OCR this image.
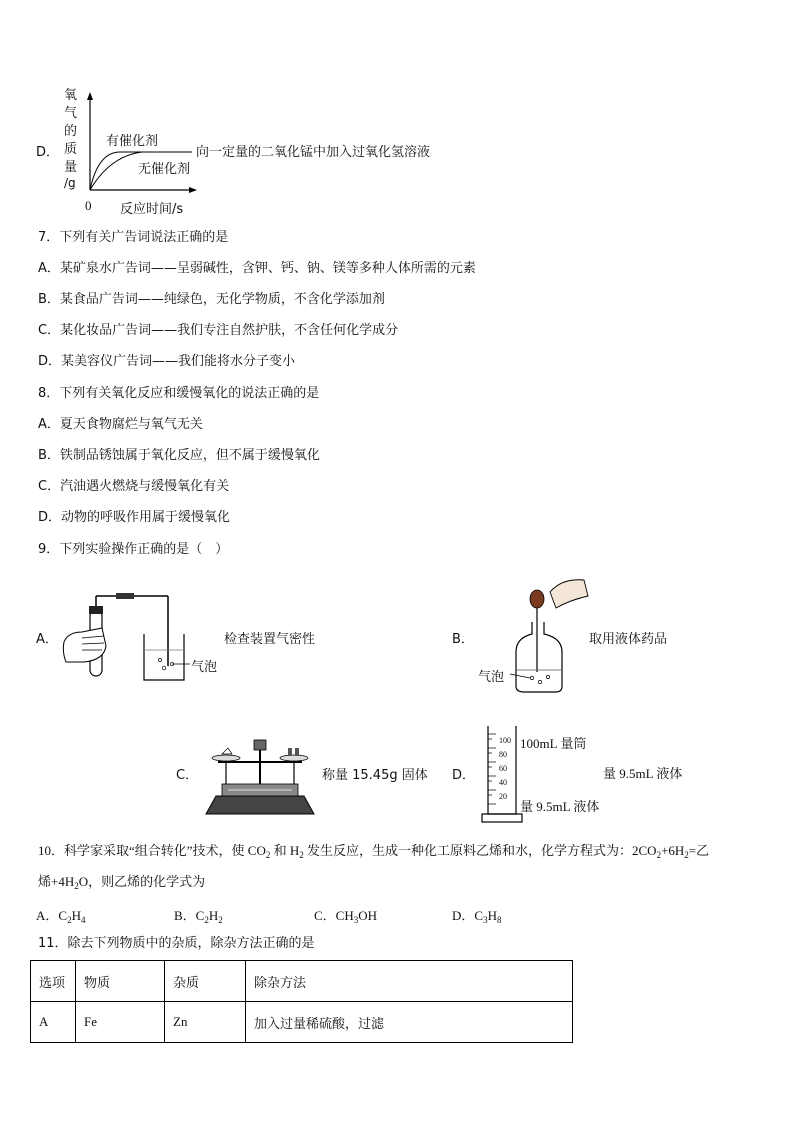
D．
氧
气
的
质
量
/g
有催化剂
无催化剂
0 反应时间/s
向一定量的二氧化锰中加入过氧化氢溶液
7．下列有关广告词说法正确的是
A．某矿泉水广告词——呈弱碱性，含钾、钙、钠、镁等多种人体所需的元素
B．某食品广告词——纯绿色，无化学物质，不含化学添加剂
C．某化妆品广告词——我们专注自然护肤，不含任何化学成分
D．某美容仪广告词——我们能将水分子变小
8．下列有关氧化反应和缓慢氧化的说法正确的是
A．夏天食物腐烂与氧气无关
B．铁制品锈蚀属于氧化反应，但不属于缓慢氧化
C．汽油遇火燃烧与缓慢氧化有关
D．动物的呼吸作用属于缓慢氧化
9．下列实验操作正确的是（　）
A．	检查装置气密性
气泡
B．	取用液体药品
气泡
C．	称量 15.45g 固体 D．
100
80
60
40
20
100mL 量筒
量 9.5mL 液体
量 9.5mL 液体
10．科学家采取“组合转化”技术，使 $CO_2$ 和 $H_2$ 发生反应，生成一种化工原料乙烯和水，化学方程式为：$2CO_2+6H_2=$乙
烯$+4H_2O$，则乙烯的化学式为
A．$C_2H_4$	B．$C_2H_2$	C．$CH_3OH$	D．$C_3H_8$
11．除去下列物质中的杂质，除杂方法正确的是
选项	物质	杂质	除杂方法
A	Fe	Zn	加入过量稀硫酸，过滤
